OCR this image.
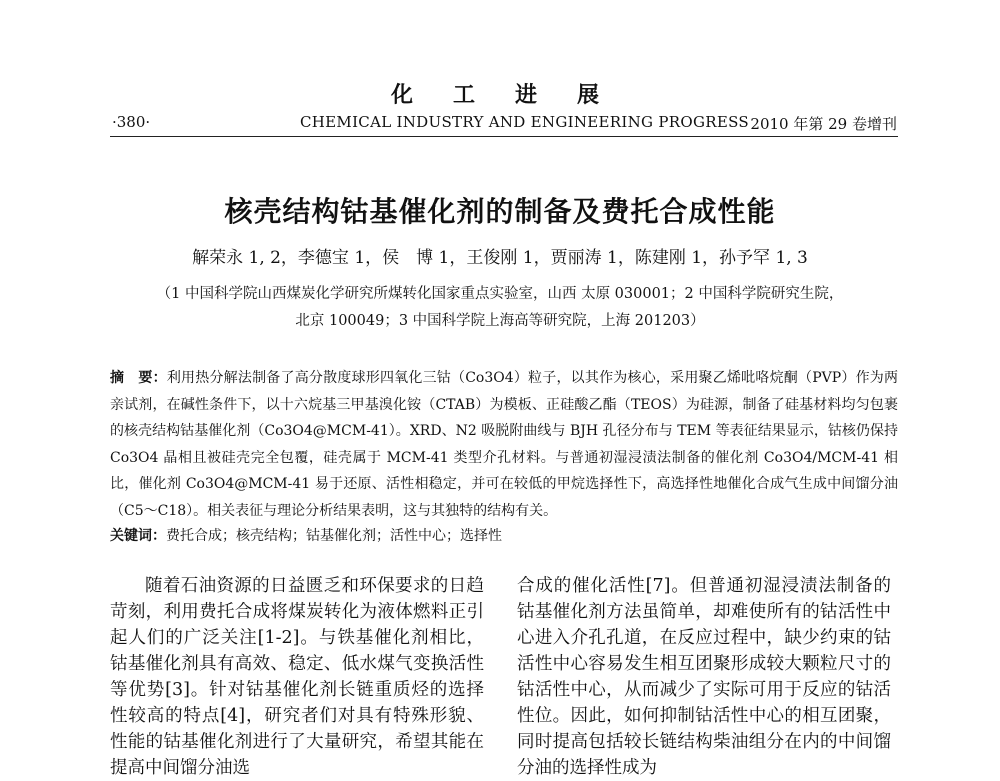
化工进展
·380·	CHEMICAL INDUSTRY AND ENGINEERING PROGRESS 2010 年第 29 卷增刊
核壳结构钴基催化剂的制备及费托合成性能
解荣永 1, 2，李德宝 1，侯　博 1，王俊刚 1，贾丽涛 1，陈建刚 1，孙予罕 1, 3
（1 中国科学院山西煤炭化学研究所煤转化国家重点实验室，山西 太原 030001；2 中国科学院研究生院，
北京 100049；3 中国科学院上海高等研究院，上海 201203）
摘　要：利用热分解法制备了高分散度球形四氧化三钴（Co3O4）粒子，以其作为核心，采用聚乙烯吡咯烷酮（PVP）作为两亲试剂，在碱性条件下，以十六烷基三甲基溴化铵（CTAB）为模板、正硅酸乙酯（TEOS）为硅源，制备了硅基材料均匀包裹的核壳结构钴基催化剂（Co3O4@MCM-41）。XRD、N2 吸脱附曲线与 BJH 孔径分布与 TEM 等表征结果显示，钴核仍保持 Co3O4 晶相且被硅壳完全包覆，硅壳属于 MCM-41 类型介孔材料。与普通初湿浸渍法制备的催化剂 Co3O4/MCM-41 相比，催化剂 Co3O4@MCM-41 易于还原、活性相稳定，并可在较低的甲烷选择性下，高选择性地催化合成气生成中间馏分油（C5～C18）。相关表征与理论分析结果表明，这与其独特的结构有关。
关键词：费托合成；核壳结构；钴基催化剂；活性中心；选择性
随着石油资源的日益匮乏和环保要求的日趋苛刻，利用费托合成将煤炭转化为液体燃料正引起人们的广泛关注[1-2]。与铁基催化剂相比，钴基催化剂具有高效、稳定、低水煤气变换活性等优势[3]。针对钴基催化剂长链重质烃的选择性较高的特点[4]，研究者们对具有特殊形貌、性能的钴基催化剂进行了大量研究，希望其能在提高中间馏分油选
合成的催化活性[7]。但普通初湿浸渍法制备的钴基催化剂方法虽简单，却难使所有的钴活性中心进入介孔孔道，在反应过程中，缺少约束的钴活性中心容易发生相互团聚形成较大颗粒尺寸的钴活性中心，从而减少了实际可用于反应的钴活性位。因此，如何抑制钴活性中心的相互团聚，同时提高包括较长链结构柴油组分在内的中间馏分油的选择性成为
